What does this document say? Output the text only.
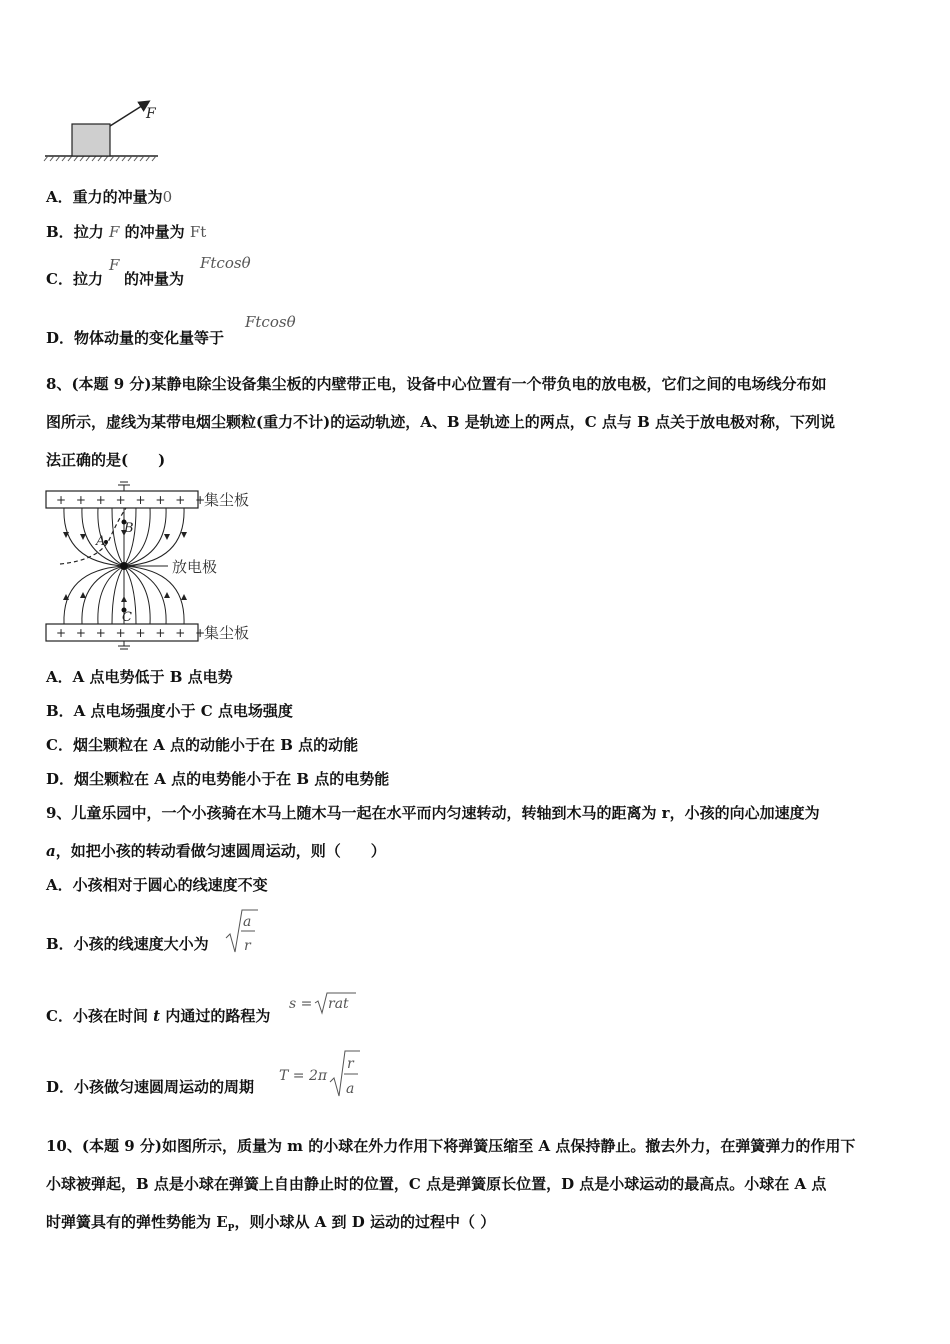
F
A．重力的冲量为0
B．拉力 F 的冲量为 Ft
C．拉力
F
的冲量为
Ftcosθ
D．物体动量的变化量等于
Ftcosθ
8、(本题 9 分)某静电除尘设备集尘板的内壁带正电，设备中心位置有一个带负电的放电极，它们之间的电场线分布如
图所示，虚线为某带电烟尘颗粒(重力不计)的运动轨迹，A、B 是轨迹上的两点，C 点与 B 点关于放电极对称，下列说
法正确的是(　　)
+ + + + + + + +
集尘板
+ + + + + + + +
集尘板
放电极
B
A
C
A．A 点电势低于 B 点电势
B．A 点电场强度小于 C 点电场强度
C．烟尘颗粒在 A 点的动能小于在 B 点的动能
D．烟尘颗粒在 A 点的电势能小于在 B 点的电势能
9、儿童乐园中，一个小孩骑在木马上随木马一起在水平而内匀速转动，转轴到木马的距离为 r，小孩的向心加速度为
a，如把小孩的转动看做匀速圆周运动，则（　　）
A．小孩相对于圆心的线速度不变
B．小孩的线速度大小为
a
r
C．小孩在时间 t 内通过的路程为
s = rat
D．小孩做匀速圆周运动的周期
T = 2π
r
a
10、(本题 9 分)如图所示，质量为 m 的小球在外力作用下将弹簧压缩至 A 点保持静止。撤去外力，在弹簧弹力的作用下
小球被弹起，B 点是小球在弹簧上自由静止时的位置，C 点是弹簧原长位置，D 点是小球运动的最高点。小球在 A 点
时弹簧具有的弹性势能为 $E_P$，则小球从 A 到 D 运动的过程中（ ）
